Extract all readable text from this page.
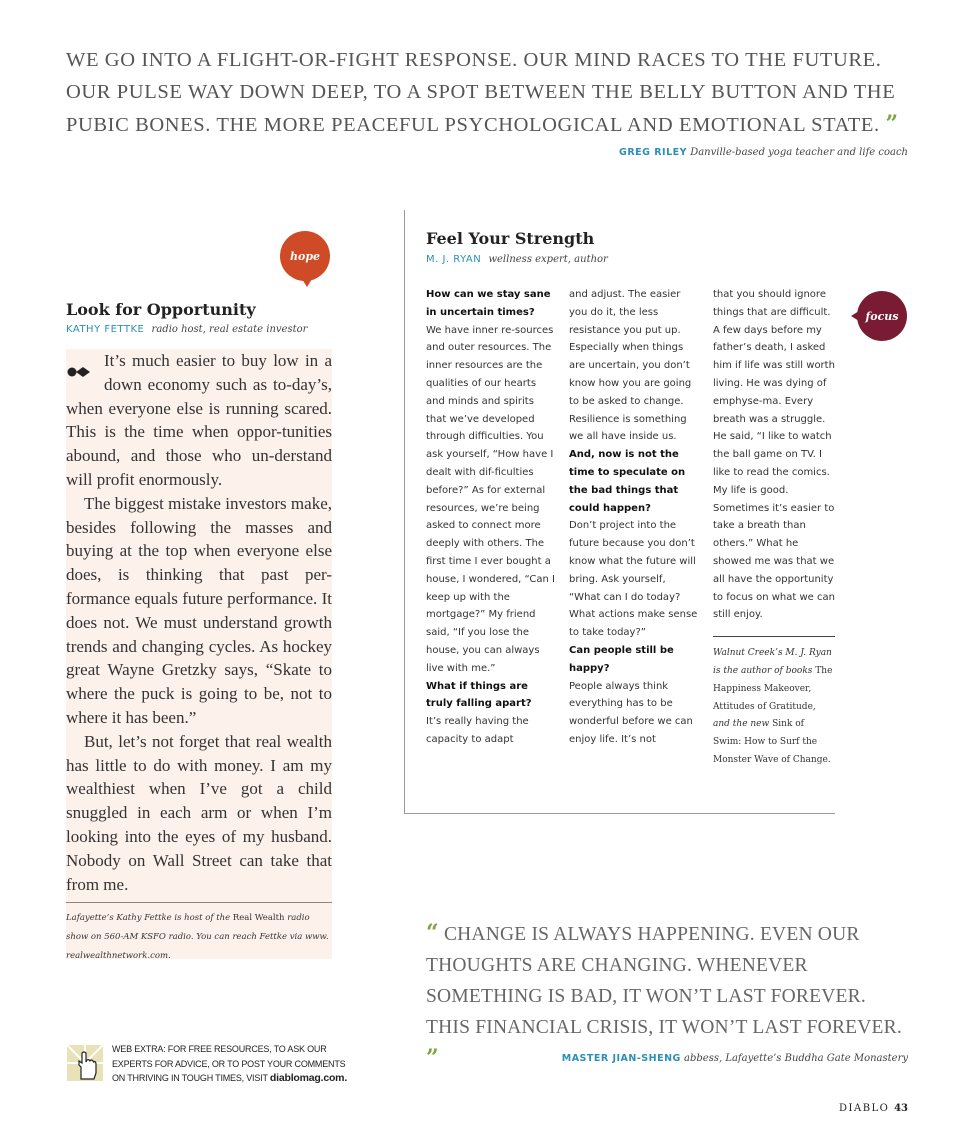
WE GO INTO A FLIGHT-OR-FIGHT RESPONSE. OUR MIND RACES TO THE FUTURE. OUR PULSE WAY DOWN DEEP, TO A SPOT BETWEEN THE BELLY BUTTON AND THE PUBIC BONES. THE MORE PEACEFUL PSYCHOLOGICAL AND EMOTIONAL STATE. ”
GREG RILEY Danville-based yoga teacher and life coach
hope
focus
Look for Opportunity
KATHY FETTKE radio host, real estate investor

It’s much easier to buy low in a down economy such as to-day’s, when everyone else is running scared. This is the time when oppor-tunities abound, and those who un-derstand will profit enormously.

The biggest mistake investors make, besides following the masses and buying at the top when everyone else does, is thinking that past per-formance equals future performance. It does not. We must understand growth trends and changing cycles. As hockey great Wayne Gretzky says, “Skate to where the puck is going to be, not to where it has been.”

But, let’s not forget that real wealth has little to do with money. I am my wealthiest when I’ve got a child snuggled in each arm or when I’m looking into the eyes of my husband. Nobody on Wall Street can take that from me.

Lafayette’s Kathy Fettke is host of the Real Wealth radio show on 560-AM KSFO radio. You can reach Fettke via www. realwealthnetwork.com.
Feel Your Strength
M. J. RYAN wellness expert, author

How can we stay sane in uncertain times?

We have inner re-sources and outer resources. The inner resources are the qualities of our hearts and minds and spirits that we’ve developed through difficulties. You ask yourself, “How have I dealt with dif-ficulties before?” As for external resources, we’re being asked to connect more deeply with others. The first time I ever bought a house, I wondered, “Can I keep up with the mortgage?” My friend said, “If you lose the house, you can always live with me.”

What if things are truly falling apart?

It’s really having the capacity to adapt

and adjust. The easier you do it, the less resistance you put up. Especially when things are uncertain, you don’t know how you are going to be asked to change. Resilience is something we all have inside us.

And, now is not the time to speculate on the bad things that could happen?

Don’t project into the future because you don’t know what the future will bring. Ask yourself, “What can I do today? What actions make sense to take today?”

Can people still be happy?

People always think everything has to be wonderful before we can enjoy life. It’s not

that you should ignore things that are difficult. A few days before my father’s death, I asked him if life was still worth living. He was dying of emphyse-ma. Every breath was a struggle. He said, “I like to watch the ball game on TV. I like to read the comics. My life is good. Sometimes it’s easier to take a breath than others.” What he showed me was that we all have the opportunity to focus on what we can still enjoy.

Walnut Creek’s M. J. Ryan is the author of books The Happiness Makeover, Attitudes of Gratitude, and the new Sink of Swim: How to Surf the Monster Wave of Change.
“ CHANGE IS ALWAYS HAPPENING. EVEN OUR THOUGHTS ARE CHANGING. WHENEVER SOMETHING IS BAD, IT WON’T LAST FOREVER. THIS FINANCIAL CRISIS, IT WON’T LAST FOREVER. ”	MASTER JIAN-SHENG abbess, Lafayette’s Buddha Gate Monastery
WEB EXTRA: FOR FREE RESOURCES, TO ASK OUR EXPERTS FOR ADVICE, OR TO POST YOUR COMMENTS ON THRIVING IN TOUGH TIMES, VISIT diablomag.com.
DIABLO 43
